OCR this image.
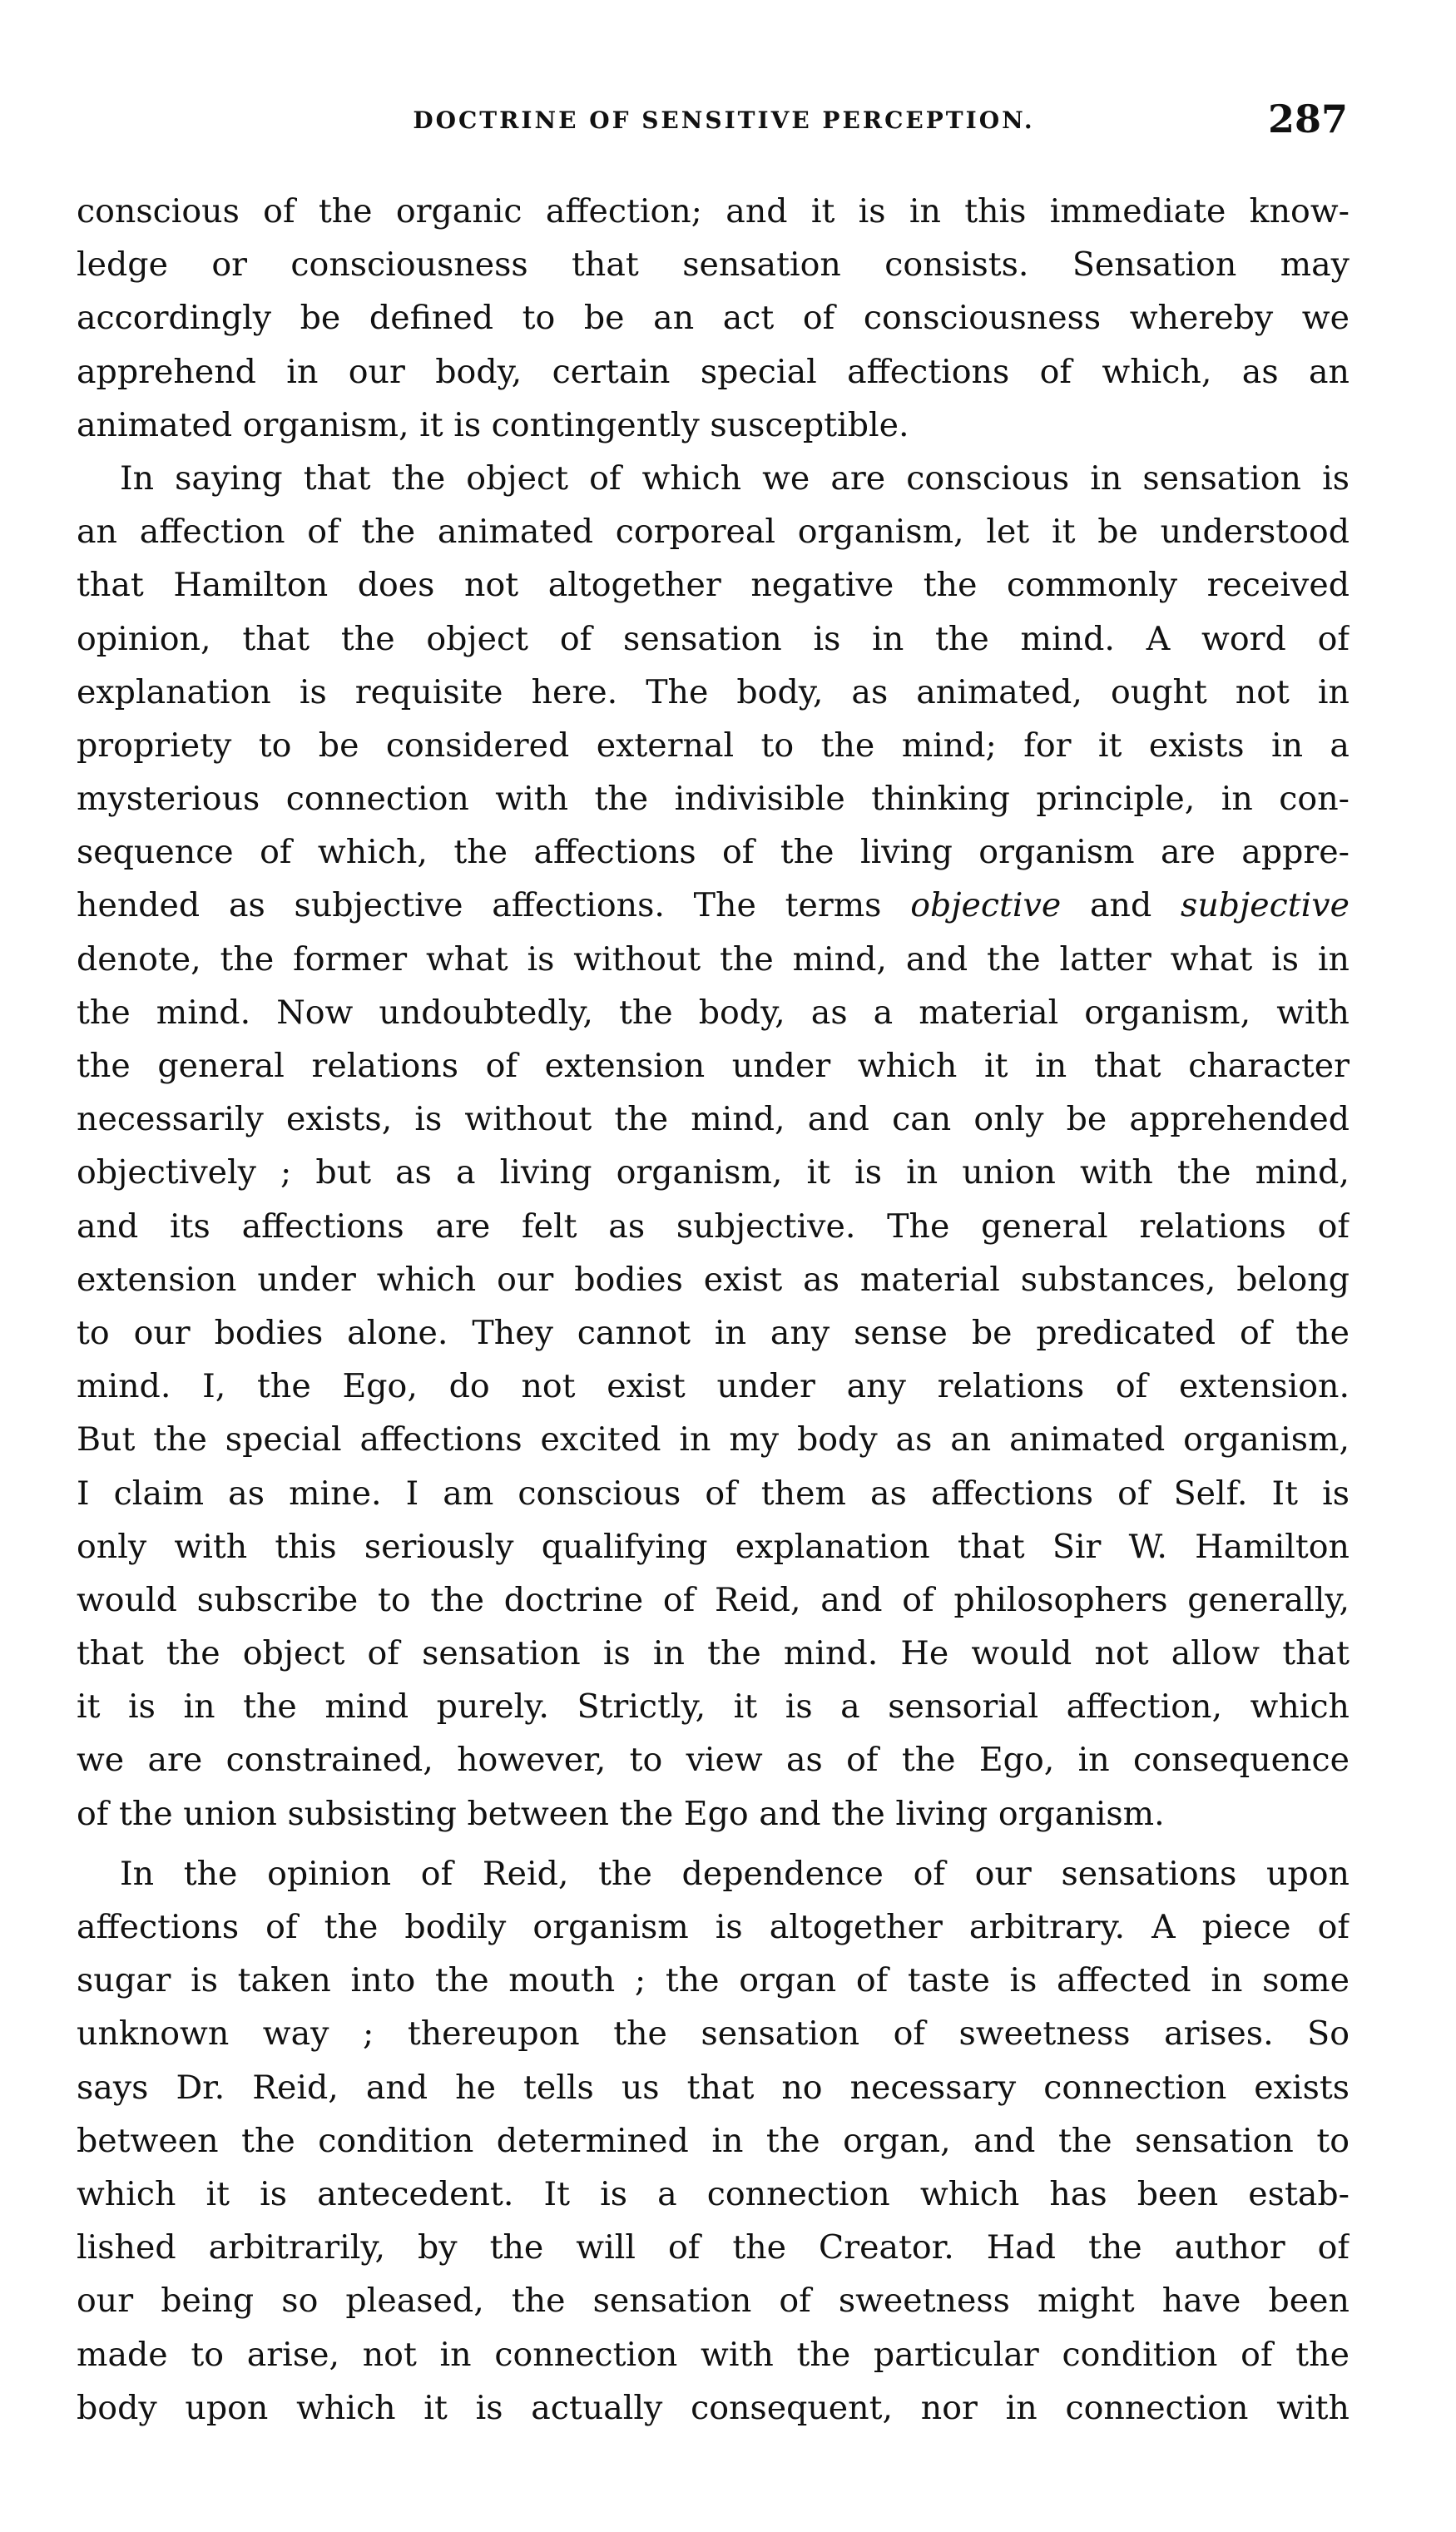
DOCTRINE OF SENSITIVE PERCEPTION.	287
conscious of the organic affection; and it is in this immediate know-
ledge or consciousness that sensation consists. Sensation may
accordingly be defined to be an act of consciousness whereby we
apprehend in our body, certain special affections of which, as an
animated organism, it is contingently susceptible.
In saying that the object of which we are conscious in sensation is
an affection of the animated corporeal organism, let it be understood
that Hamilton does not altogether negative the commonly received
opinion, that the object of sensation is in the mind. A word of
explanation is requisite here. The body, as animated, ought not in
propriety to be considered external to the mind; for it exists in a
mysterious connection with the indivisible thinking principle, in con-
sequence of which, the affections of the living organism are appre-
hended as subjective affections. The terms objective and subjective
denote, the former what is without the mind, and the latter what is in
the mind. Now undoubtedly, the body, as a material organism, with
the general relations of extension under which it in that character
necessarily exists, is without the mind, and can only be apprehended
objectively ; but as a living organism, it is in union with the mind,
and its affections are felt as subjective. The general relations of
extension under which our bodies exist as material substances, belong
to our bodies alone. They cannot in any sense be predicated of the
mind. I, the Ego, do not exist under any relations of extension.
But the special affections excited in my body as an animated organism,
I claim as mine. I am conscious of them as affections of Self. It is
only with this seriously qualifying explanation that Sir W. Hamilton
would subscribe to the doctrine of Reid, and of philosophers generally,
that the object of sensation is in the mind. He would not allow that
it is in the mind purely. Strictly, it is a sensorial affection, which
we are constrained, however, to view as of the Ego, in consequence
of the union subsisting between the Ego and the living organism.
In the opinion of Reid, the dependence of our sensations upon
affections of the bodily organism is altogether arbitrary. A piece of
sugar is taken into the mouth ; the organ of taste is affected in some
unknown way ; thereupon the sensation of sweetness arises. So
says Dr. Reid, and he tells us that no necessary connection exists
between the condition determined in the organ, and the sensation to
which it is antecedent. It is a connection which has been estab-
lished arbitrarily, by the will of the Creator. Had the author of
our being so pleased, the sensation of sweetness might have been
made to arise, not in connection with the particular condition of the
body upon which it is actually consequent, nor in connection with
